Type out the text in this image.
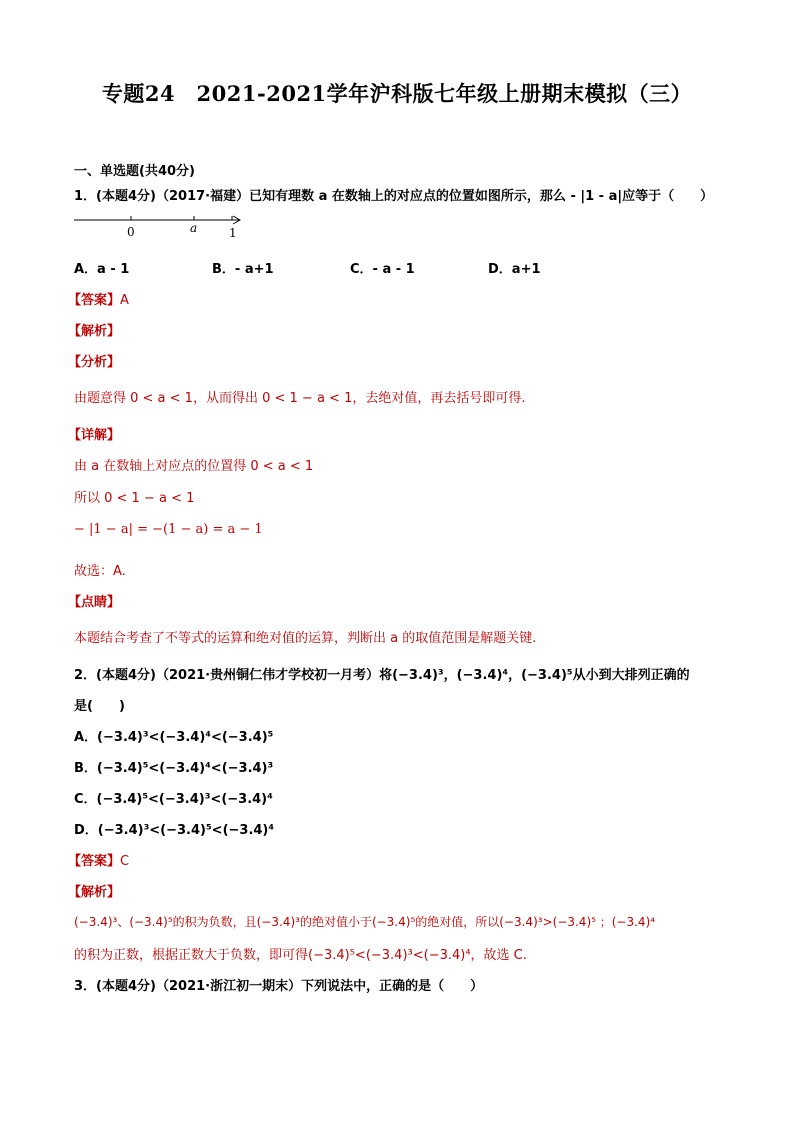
专题24　2021-2021学年沪科版七年级上册期末模拟（三）
一、单选题(共40分)
1．(本题4分)（2017·福建）已知有理数 a 在数轴上的对应点的位置如图所示，那么 - |1 - a|应等于（　　）
0	a	1
A．a - 1	B．- a+1	C．- a - 1	D．a+1
【答案】A
【解析】
【分析】
由题意得 0 < a < 1，从而得出 0 < 1 − a < 1，去绝对值，再去括号即可得.
【详解】
由 a 在数轴上对应点的位置得 0 < a < 1
所以 0 < 1 − a < 1
− |1 − a| = −(1 − a) = a − 1
故选：A.
【点睛】
本题结合考查了不等式的运算和绝对值的运算，判断出 a 的取值范围是解题关键.
2．(本题4分)（2021·贵州铜仁伟才学校初一月考）将(−3.4)³，(−3.4)⁴，(−3.4)⁵从小到大排列正确的
是(　　)
A．(−3.4)³<(−3.4)⁴<(−3.4)⁵
B．(−3.4)⁵<(−3.4)⁴<(−3.4)³
C．(−3.4)⁵<(−3.4)³<(−3.4)⁴
D．(−3.4)³<(−3.4)⁵<(−3.4)⁴
【答案】C
【解析】
(−3.4)³、(−3.4)⁵的积为负数，且(−3.4)³的绝对值小于(−3.4)⁵的绝对值，所以(−3.4)³>(−3.4)⁵ ；(−3.4)⁴
的积为正数，根据正数大于负数，即可得(−3.4)⁵<(−3.4)³<(−3.4)⁴，故选 C.
3．(本题4分)（2021·浙江初一期末）下列说法中，正确的是（　　）
